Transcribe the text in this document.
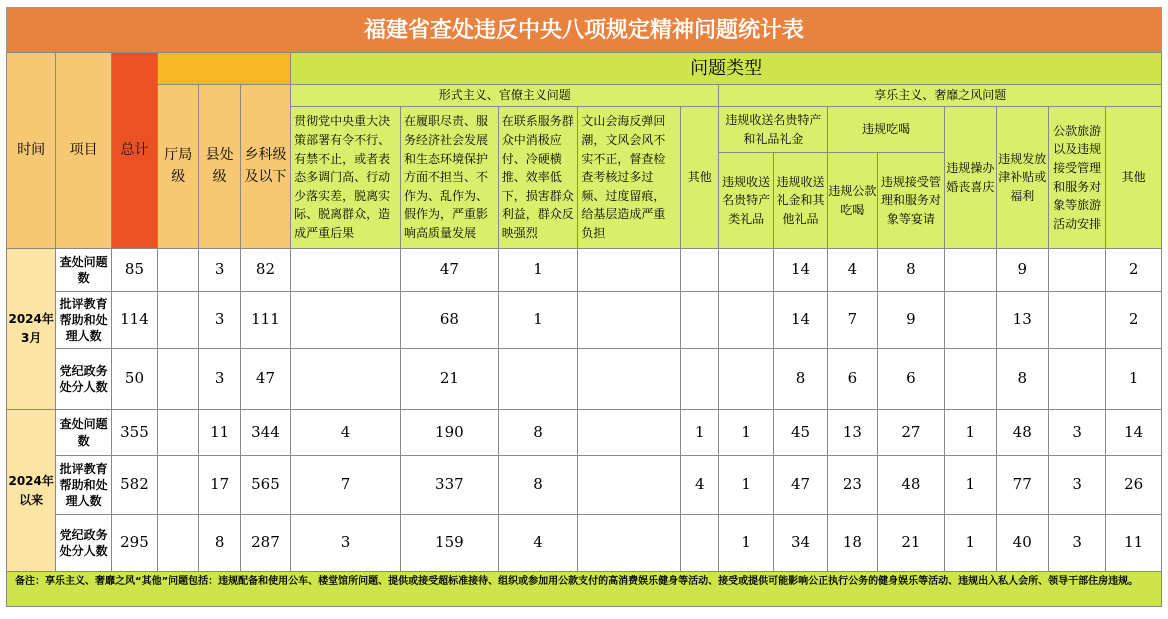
福建省查处违反中央八项规定精神问题统计表
时间	项目	总计				问题类型												
			厅局级	县处级	乡科级及以下	形式主义、官僚主义问题					享乐主义、奢靡之风问题							
						贯彻党中央重大决策部署有令不行、有禁不止，或者表态多调门高、行动少落实差，脱离实际、脱离群众，造成严重后果	在履职尽责、服务经济社会发展和生态环境保护方面不担当、不作为、乱作为、假作为，严重影响高质量发展	在联系服务群众中消极应付、冷硬横推、效率低下，损害群众利益，群众反映强烈	文山会海反弹回潮，文风会风不实不正，督查检查考核过多过频、过度留痕，给基层造成严重负担	其他	违规收送名贵特产和礼品礼金		违规吃喝		违规操办婚丧喜庆	违规发放津补贴或福利	公款旅游以及违规接受管理和服务对象等旅游活动安排	其他
											违规收送名贵特产类礼品	违规收送礼金和其他礼品	违规公款吃喝	违规接受管理和服务对象等宴请				
2024年3月	查处问题数	85		3	82		47	1				14	4	8		9		2
	批评教育帮助和处理人数	114		3	111		68	1				14	7	9		13		2
	党纪政务处分人数	50		3	47		21					8	6	6		8		1
2024年以来	查处问题数	355		11	344	4	190	8		1	1	45	13	27	1	48	3	14
	批评教育帮助和处理人数	582		17	565	7	337	8		4	1	47	23	48	1	77	3	26
	党纪政务处分人数	295		8	287	3	159	4			1	34	18	21	1	40	3	11
备注：享乐主义、奢靡之风“其他”问题包括：违规配备和使用公车、楼堂馆所问题、提供或接受超标准接待、组织或参加用公款支付的高消费娱乐健身等活动、接受或提供可能影响公正执行公务的健身娱乐等活动、违规出入私人会所、领导干部住房违规。
